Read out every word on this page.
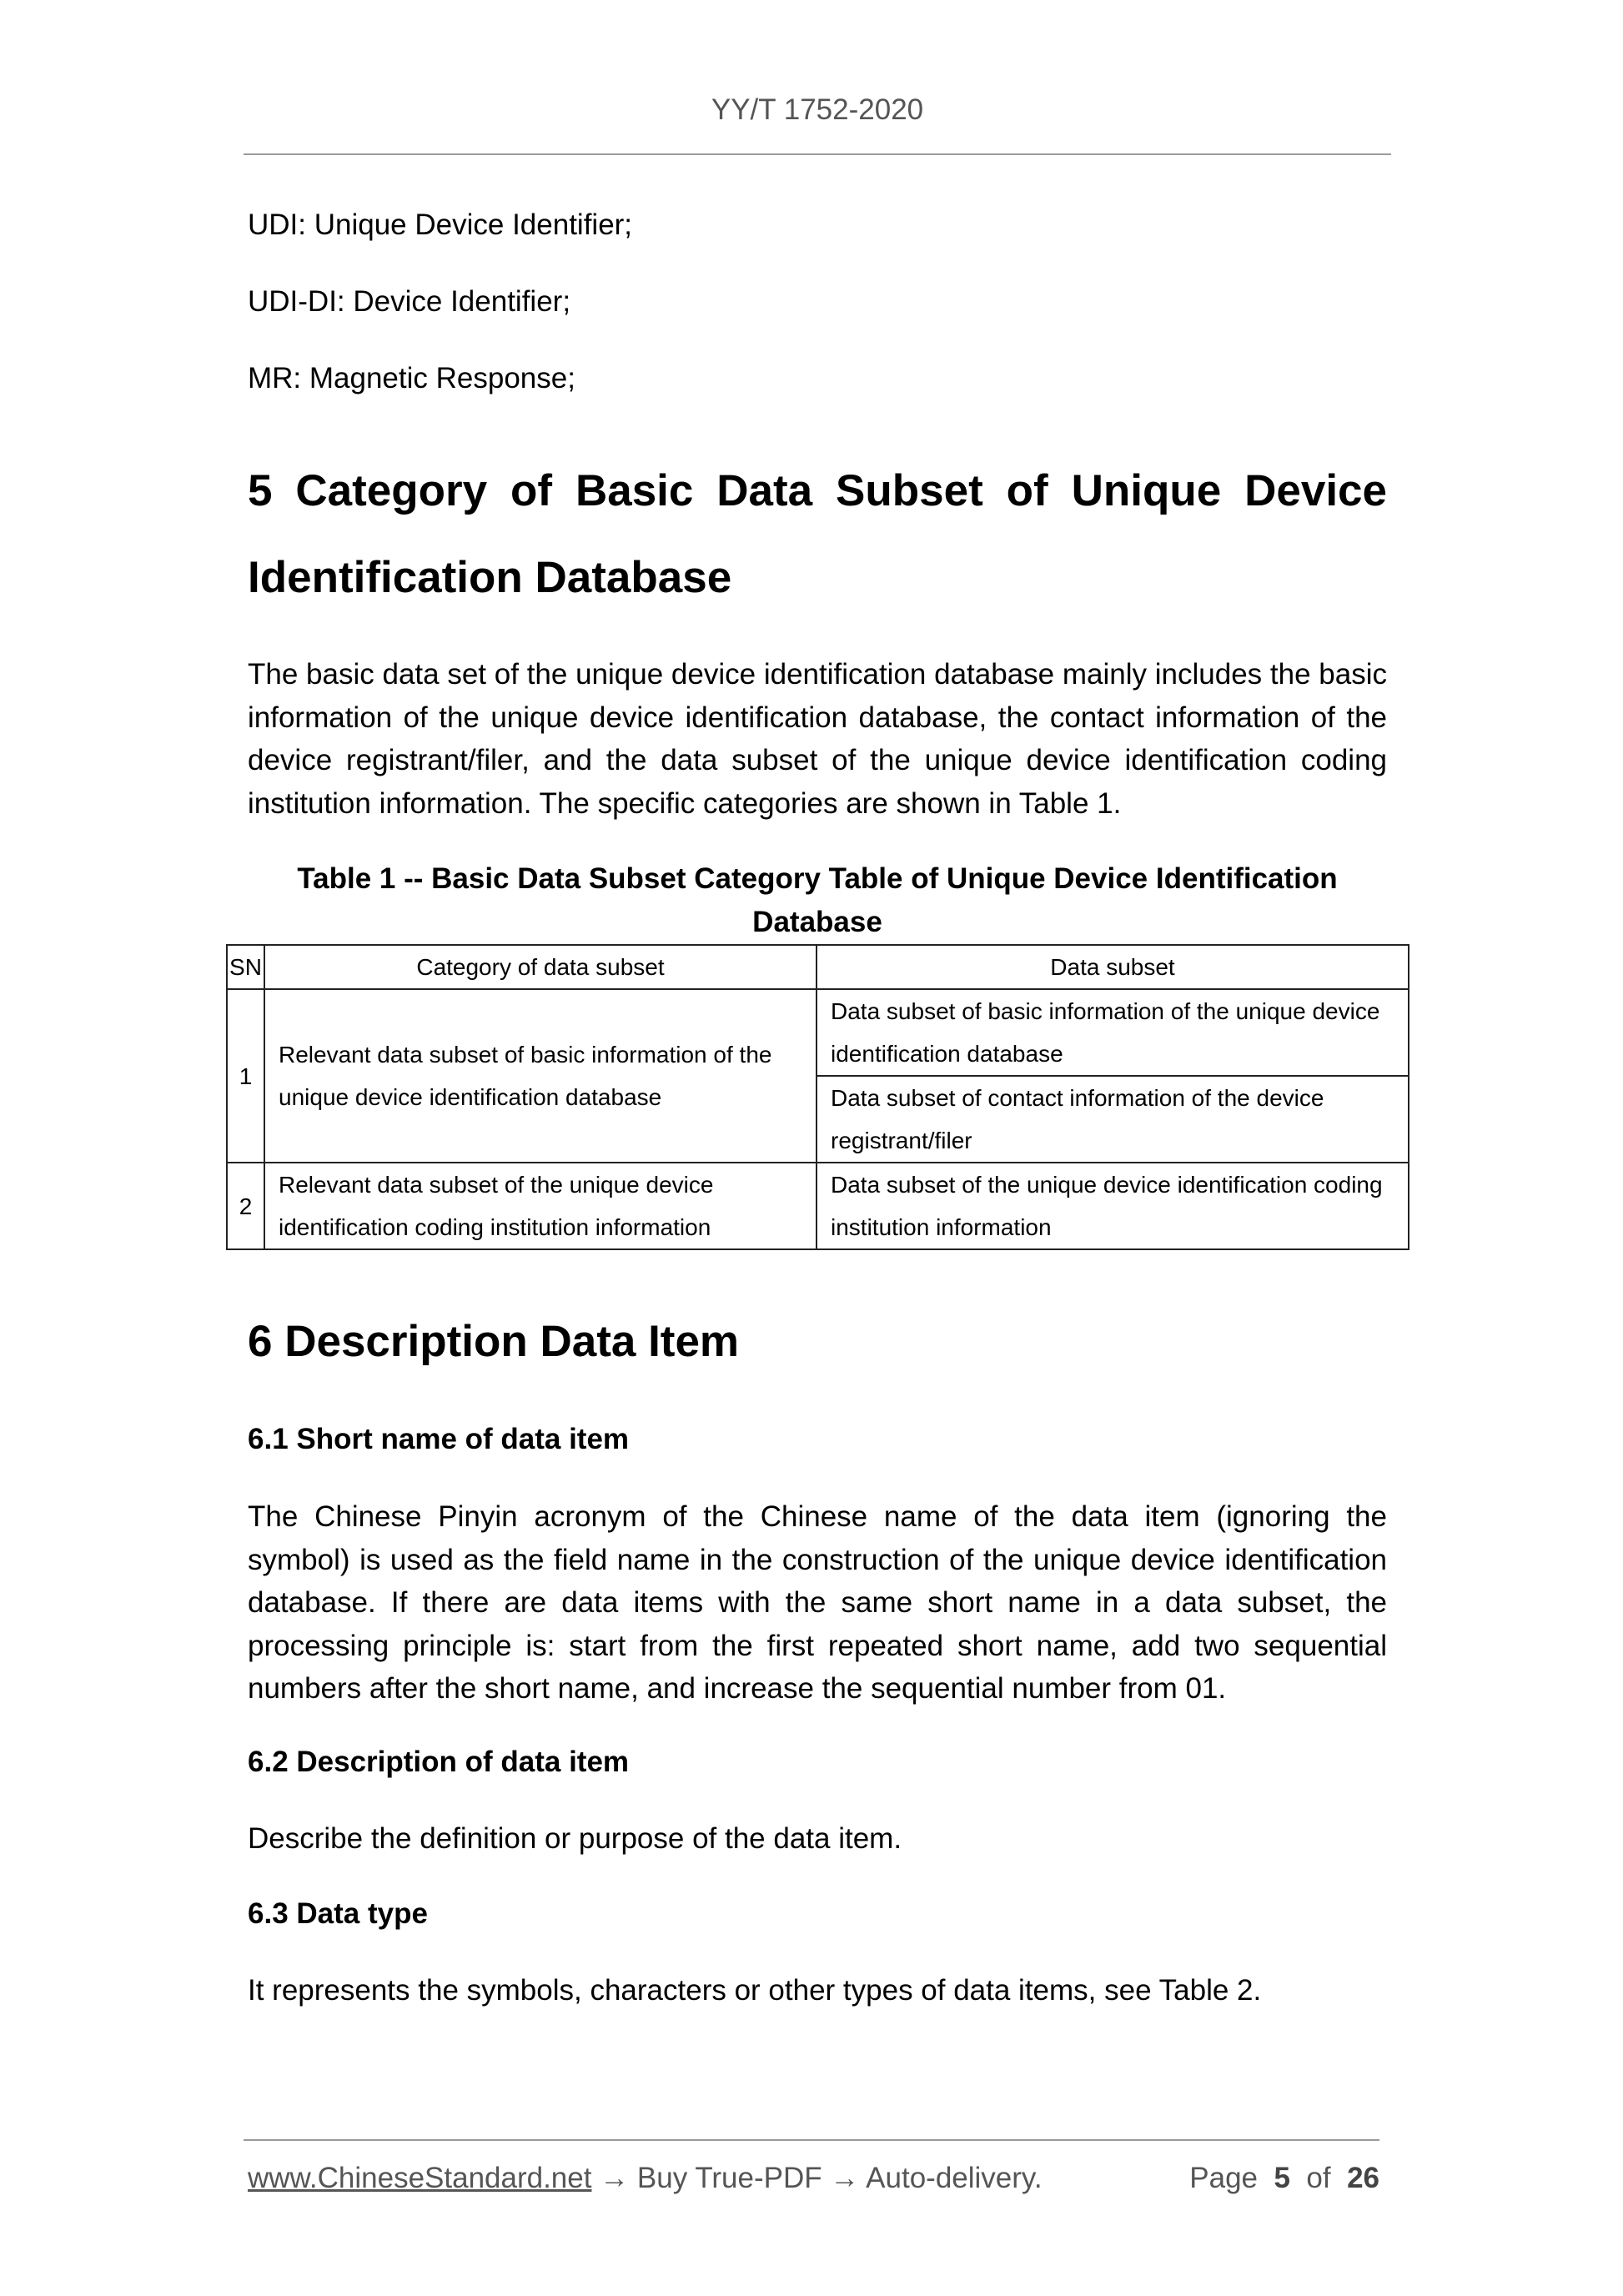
YY/T 1752-2020
UDI: Unique Device Identifier;
UDI-DI: Device Identifier;
MR: Magnetic Response;
5 Category of Basic Data Subset of Unique Device
Identification Database
The basic data set of the unique device identification database mainly includes the basic information of the unique device identification database, the contact information of the device registrant/filer, and the data subset of the unique device identification coding institution information. The specific categories are shown in Table 1.
Table 1 -- Basic Data Subset Category Table of Unique Device Identification
Database
SN	Category of data subset	Data subset
1	Relevant data subset of basic information of the unique device identification database	Data subset of basic information of the unique device identification database
		Data subset of contact information of the device registrant/filer
2	Relevant data subset of the unique device identification coding institution information	Data subset of the unique device identification coding institution information
6 Description Data Item
6.1 Short name of data item
The Chinese Pinyin acronym of the Chinese name of the data item (ignoring the symbol) is used as the field name in the construction of the unique device identification database. If there are data items with the same short name in a data subset, the processing principle is: start from the first repeated short name, add two sequential numbers after the short name, and increase the sequential number from 01.
6.2 Description of data item
Describe the definition or purpose of the data item.
6.3 Data type
It represents the symbols, characters or other types of data items, see Table 2.
www.ChineseStandard.net → Buy True-PDF → Auto-delivery.	Page 5 of 26
